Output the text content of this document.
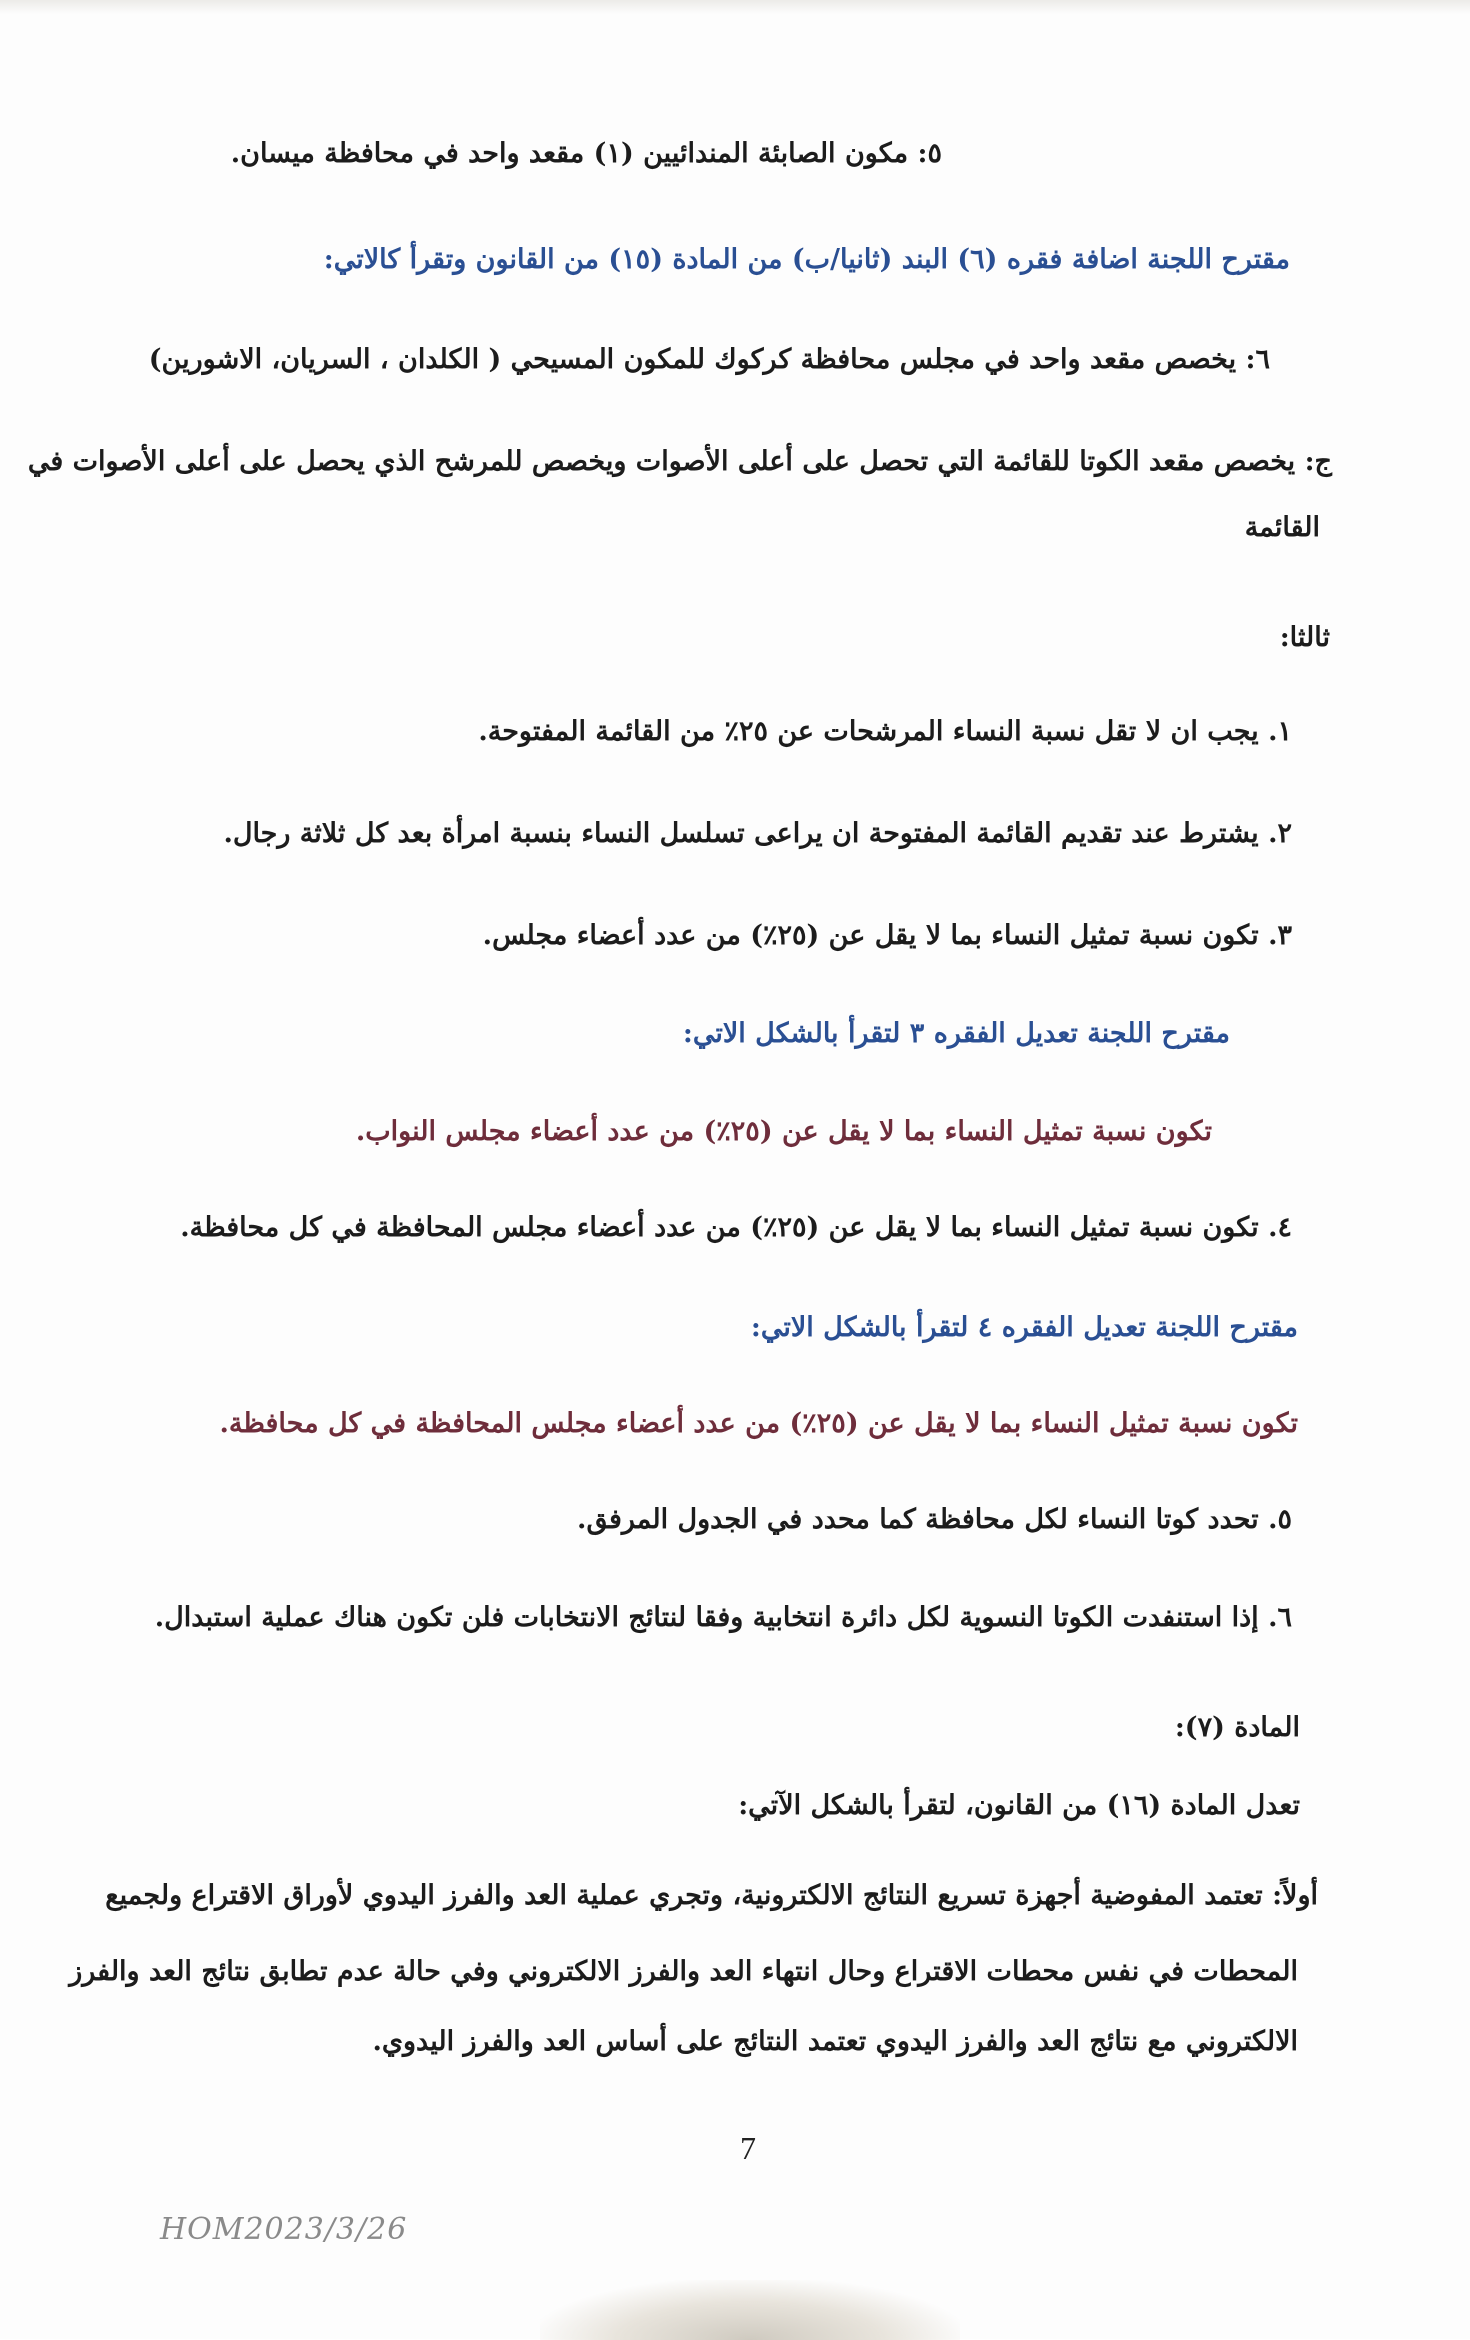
٥: مكون الصابئة المندائيين (١) مقعد واحد في محافظة ميسان.
مقترح اللجنة اضافة فقره (٦) البند (ثانيا/ب) من المادة (١٥) من القانون وتقرأ كالاتي:
٦: يخصص مقعد واحد في مجلس محافظة كركوك للمكون المسيحي ( الكلدان ، السريان، الاشورين)
ج: يخصص مقعد الكوتا للقائمة التي تحصل على أعلى الأصوات ويخصص للمرشح الذي يحصل على أعلى الأصوات في
القائمة
ثالثا:
١. يجب ان لا تقل نسبة النساء المرشحات عن ٢٥٪ من القائمة المفتوحة.
٢. يشترط عند تقديم القائمة المفتوحة ان يراعى تسلسل النساء بنسبة امرأة بعد كل ثلاثة رجال.
٣. تكون نسبة تمثيل النساء بما لا يقل عن (٢٥٪) من عدد أعضاء مجلس.
مقترح اللجنة تعديل الفقره ٣ لتقرأ بالشكل الاتي:
تكون نسبة تمثيل النساء بما لا يقل عن (٢٥٪) من عدد أعضاء مجلس النواب.
٤. تكون نسبة تمثيل النساء بما لا يقل عن (٢٥٪) من عدد أعضاء مجلس المحافظة في كل محافظة.
مقترح اللجنة تعديل الفقره ٤ لتقرأ بالشكل الاتي:
تكون نسبة تمثيل النساء بما لا يقل عن (٢٥٪) من عدد أعضاء مجلس المحافظة في كل محافظة.
٥. تحدد كوتا النساء لكل محافظة كما محدد في الجدول المرفق.
٦. إذا استنفدت الكوتا النسوية لكل دائرة انتخابية وفقا لنتائج الانتخابات فلن تكون هناك عملية استبدال.
المادة (٧):
تعدل المادة (١٦) من القانون، لتقرأ بالشكل الآتي:
أولاً: تعتمد المفوضية أجهزة تسريع النتائج الالكترونية، وتجري عملية العد والفرز اليدوي لأوراق الاقتراع ولجميع
المحطات في نفس محطات الاقتراع وحال انتهاء العد والفرز الالكتروني وفي حالة عدم تطابق نتائج العد والفرز
الالكتروني مع نتائج العد والفرز اليدوي تعتمد النتائج على أساس العد والفرز اليدوي.
7
HOM2023/3/26
